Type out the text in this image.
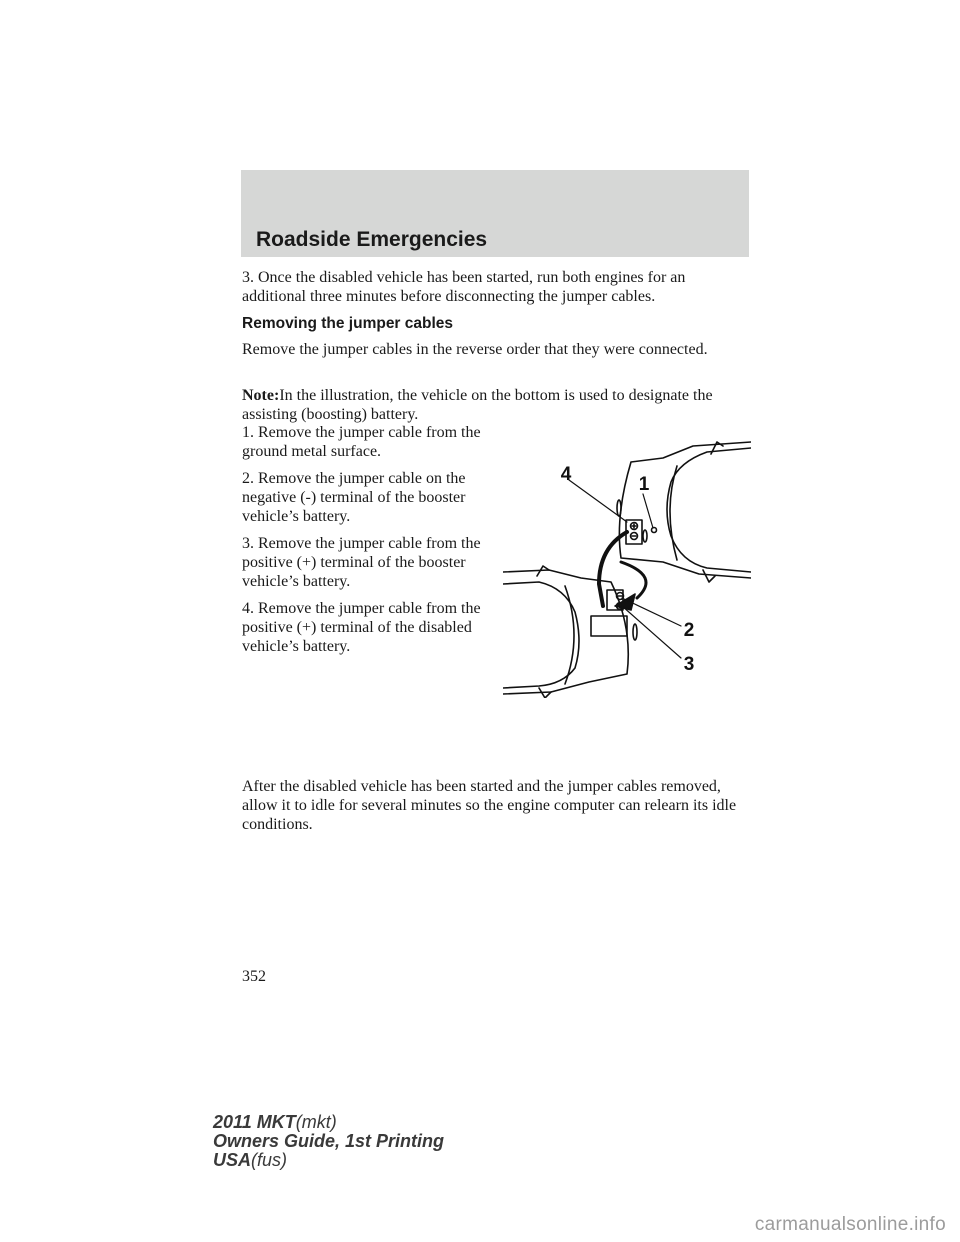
Roadside Emergencies

3. Once the disabled vehicle has been started, run both engines for an additional three minutes before disconnecting the jumper cables.

Removing the jumper cables

Remove the jumper cables in the reverse order that they were connected.

Note:In the illustration, the vehicle on the bottom is used to designate the assisting (boosting) battery.

1. Remove the jumper cable from the ground metal surface.

2. Remove the jumper cable on the negative (-) terminal of the booster vehicle’s battery.

3. Remove the jumper cable from the positive (+) terminal of the booster vehicle’s battery.

4. Remove the jumper cable from the positive (+) terminal of the disabled vehicle’s battery.

4	1
2
3

After the disabled vehicle has been started and the jumper cables removed, allow it to idle for several minutes so the engine computer can relearn its idle conditions.

352
2011 MKT(mkt)
Owners Guide, 1st Printing
USA(fus)
carmanualsonline.info
